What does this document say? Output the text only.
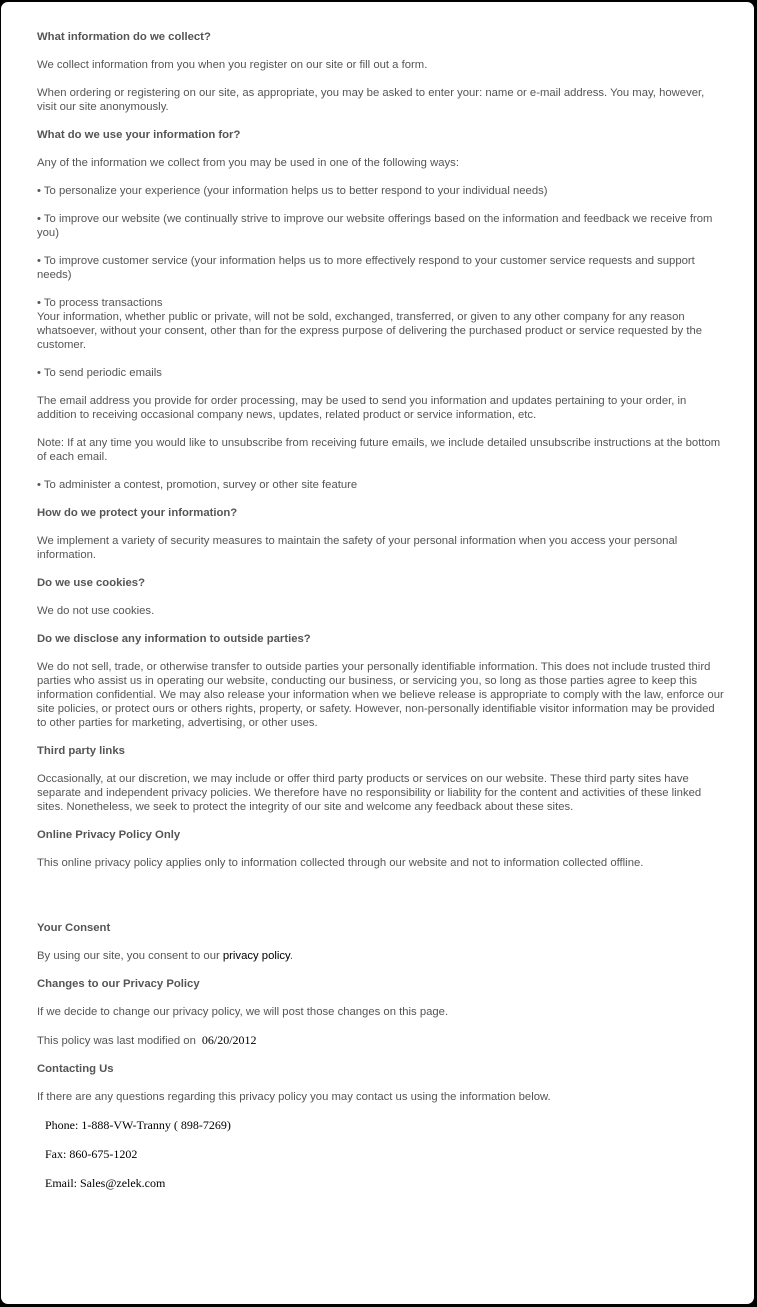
What information do we collect?

We collect information from you when you register on our site or fill out a form.

When ordering or registering on our site, as appropriate, you may be asked to enter your: name or e-mail address. You may, however, visit our site anonymously.

What do we use your information for?

Any of the information we collect from you may be used in one of the following ways:

• To personalize your experience (your information helps us to better respond to your individual needs)

• To improve our website (we continually strive to improve our website offerings based on the information and feedback we receive from you)

• To improve customer service (your information helps us to more effectively respond to your customer service requests and support needs)

• To process transactions
Your information, whether public or private, will not be sold, exchanged, transferred, or given to any other company for any reason whatsoever, without your consent, other than for the express purpose of delivering the purchased product or service requested by the customer.

• To send periodic emails

The email address you provide for order processing, may be used to send you information and updates pertaining to your order, in addition to receiving occasional company news, updates, related product or service information, etc.

Note: If at any time you would like to unsubscribe from receiving future emails, we include detailed unsubscribe instructions at the bottom of each email.

• To administer a contest, promotion, survey or other site feature

How do we protect your information?

We implement a variety of security measures to maintain the safety of your personal information when you access your personal information.

Do we use cookies?

We do not use cookies.

Do we disclose any information to outside parties?

We do not sell, trade, or otherwise transfer to outside parties your personally identifiable information. This does not include trusted third parties who assist us in operating our website, conducting our business, or servicing you, so long as those parties agree to keep this information confidential. We may also release your information when we believe release is appropriate to comply with the law, enforce our site policies, or protect ours or others rights, property, or safety. However, non-personally identifiable visitor information may be provided to other parties for marketing, advertising, or other uses.

Third party links

Occasionally, at our discretion, we may include or offer third party products or services on our website. These third party sites have separate and independent privacy policies. We therefore have no responsibility or liability for the content and activities of these linked sites. Nonetheless, we seek to protect the integrity of our site and welcome any feedback about these sites.

Online Privacy Policy Only

This online privacy policy applies only to information collected through our website and not to information collected offline.

Your Consent

By using our site, you consent to our privacy policy.

Changes to our Privacy Policy

If we decide to change our privacy policy, we will post those changes on this page.

This policy was last modified on 06/20/2012

Contacting Us

If there are any questions regarding this privacy policy you may contact us using the information below.

Phone: 1-888-VW-Tranny ( 898-7269)
Fax: 860-675-1202
Email: Sales@zelek.com
